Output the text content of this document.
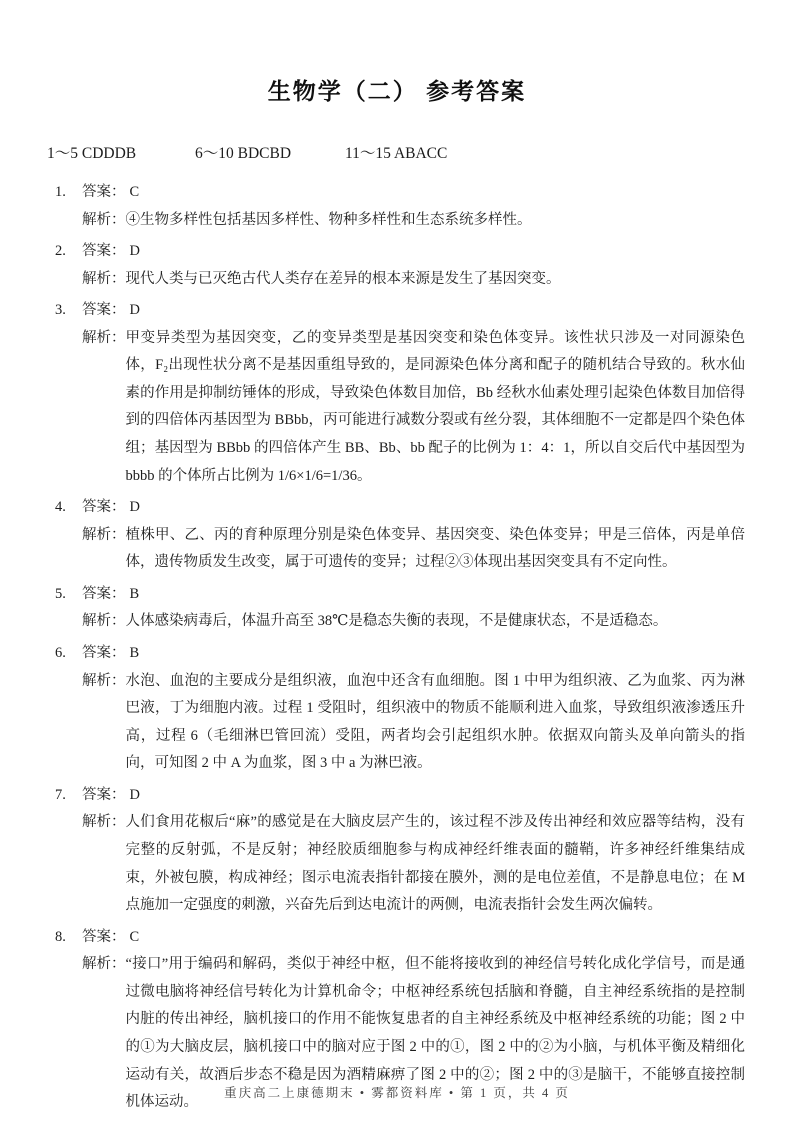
生物学（二） 参考答案
1～5 CDDDB	6～10 BDCBD	11～15 ABACC
1. 答案： C
解析： ④生物多样性包括基因多样性、物种多样性和生态系统多样性。
2. 答案： D
解析： 现代人类与已灭绝古代人类存在差异的根本来源是发生了基因突变。
3. 答案： D
解析： 甲变异类型为基因突变，乙的变异类型是基因突变和染色体变异。该性状只涉及一对同源染色体，F₂出现性状分离不是基因重组导致的，是同源染色体分离和配子的随机结合导致的。秋水仙素的作用是抑制纺锤体的形成，导致染色体数目加倍，Bb 经秋水仙素处理引起染色体数目加倍得到的四倍体丙基因型为 BBbb，丙可能进行减数分裂或有丝分裂，其体细胞不一定都是四个染色体组；基因型为 BBbb 的四倍体产生 BB、Bb、bb 配子的比例为 1：4：1，所以自交后代中基因型为 bbbb 的个体所占比例为 1/6×1/6=1/36。
4. 答案： D
解析： 植株甲、乙、丙的育种原理分别是染色体变异、基因突变、染色体变异；甲是三倍体，丙是单倍体，遗传物质发生改变，属于可遗传的变异；过程②③体现出基因突变具有不定向性。
5. 答案： B
解析： 人体感染病毒后，体温升高至 38℃是稳态失衡的表现，不是健康状态，不是适稳态。
6. 答案： B
解析： 水泡、血泡的主要成分是组织液，血泡中还含有血细胞。图 1 中甲为组织液、乙为血浆、丙为淋巴液，丁为细胞内液。过程 1 受阻时，组织液中的物质不能顺利进入血浆，导致组织液渗透压升高，过程 6（毛细淋巴管回流）受阻，两者均会引起组织水肿。依据双向箭头及单向箭头的指向，可知图 2 中 A 为血浆，图 3 中 a 为淋巴液。
7. 答案： D
解析： 人们食用花椒后“麻”的感觉是在大脑皮层产生的，该过程不涉及传出神经和效应器等结构，没有完整的反射弧，不是反射；神经胶质细胞参与构成神经纤维表面的髓鞘，许多神经纤维集结成束，外被包膜，构成神经；图示电流表指针都接在膜外，测的是电位差值，不是静息电位；在 M 点施加一定强度的刺激，兴奋先后到达电流计的两侧，电流表指针会发生两次偏转。
8. 答案： C
解析： “接口”用于编码和解码，类似于神经中枢，但不能将接收到的神经信号转化成化学信号，而是通过微电脑将神经信号转化为计算机命令；中枢神经系统包括脑和脊髓，自主神经系统指的是控制内脏的传出神经，脑机接口的作用不能恢复患者的自主神经系统及中枢神经系统的功能；图 2 中的①为大脑皮层，脑机接口中的脑对应于图 2 中的①，图 2 中的②为小脑，与机体平衡及精细化运动有关，故酒后步态不稳是因为酒精麻痹了图 2 中的②；图 2 中的③是脑干，不能够直接控制机体运动。
重庆高二上康德期末 • 雾都资料库 • 第 1 页，共 4 页
